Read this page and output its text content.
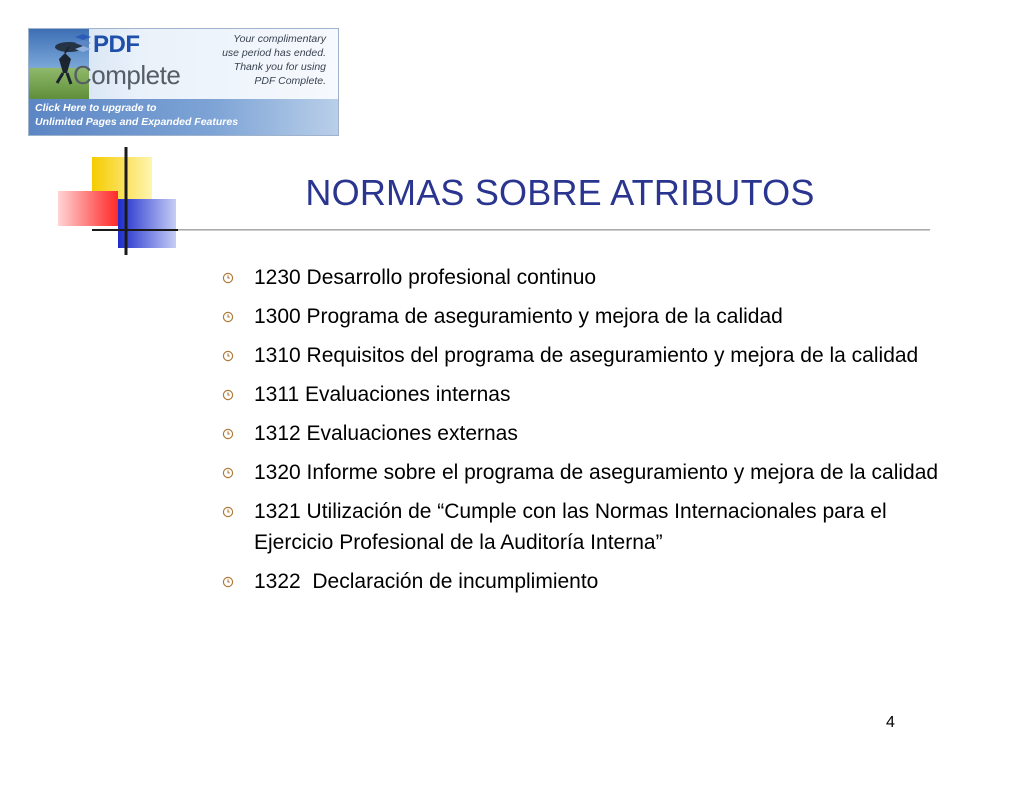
PDF
Complete
Your complimentary
use period has ended.
Thank you for using
PDF Complete.
Click Here to upgrade to
Unlimited Pages and Expanded Features
NORMAS SOBRE ATRIBUTOS
1230 Desarrollo profesional continuo
1300 Programa de aseguramiento y mejora de la calidad
1310 Requisitos del programa de aseguramiento y mejora de la calidad
1311 Evaluaciones internas
1312 Evaluaciones externas
1320 Informe sobre el programa de aseguramiento y mejora de la calidad
1321 Utilización de “Cumple con las Normas Internacionales para el Ejercicio Profesional de la Auditoría Interna”
1322  Declaración de incumplimiento
4
